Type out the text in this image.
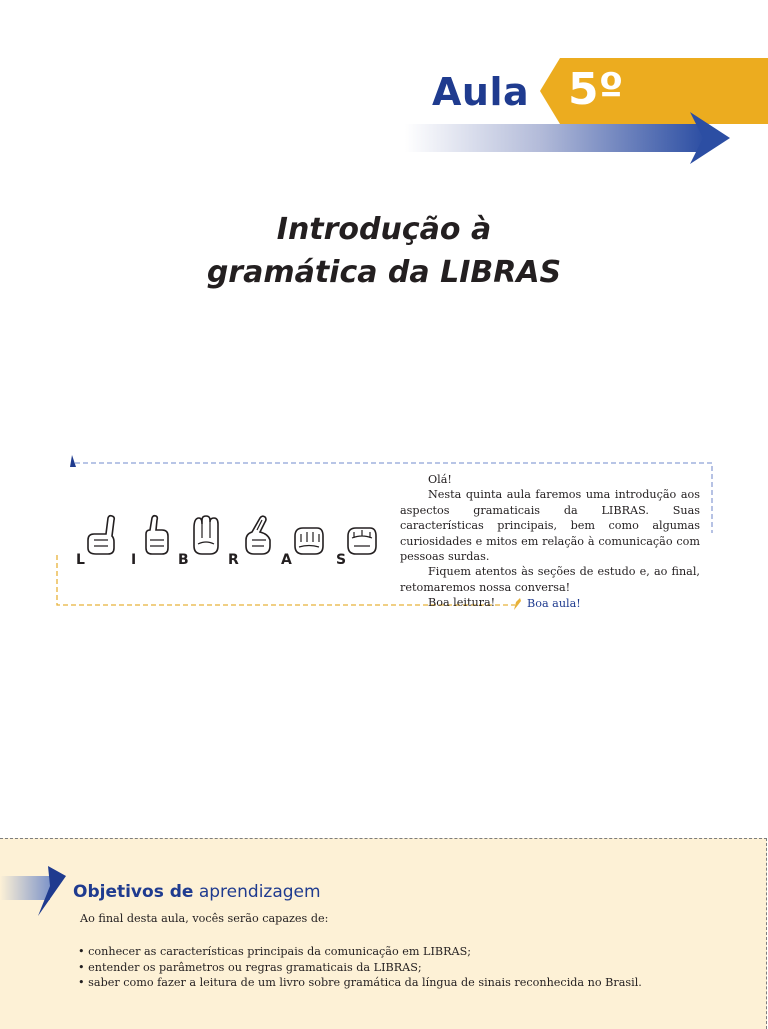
Aula 5º
Introdução à
gramática da LIBRAS
L	I	B	R	A	S

Olá!

Nesta quinta aula faremos uma introdução aos aspectos gramaticais da LIBRAS. Suas características principais, bem como algumas curiosidades e mitos em relação à comunicação com pessoas surdas.

Fiquem atentos às seções de estudo e, ao final, retomaremos nossa conversa!

Boa leitura!	Boa aula!
Objetivos de aprendizagem
Ao final desta aula, vocês serão capazes de:
• conhecer as características principais da comunicação em LIBRAS;
• entender os parâmetros ou regras gramaticais da LIBRAS;
• saber como fazer a leitura de um livro sobre gramática da língua de sinais reconhecida no Brasil.
